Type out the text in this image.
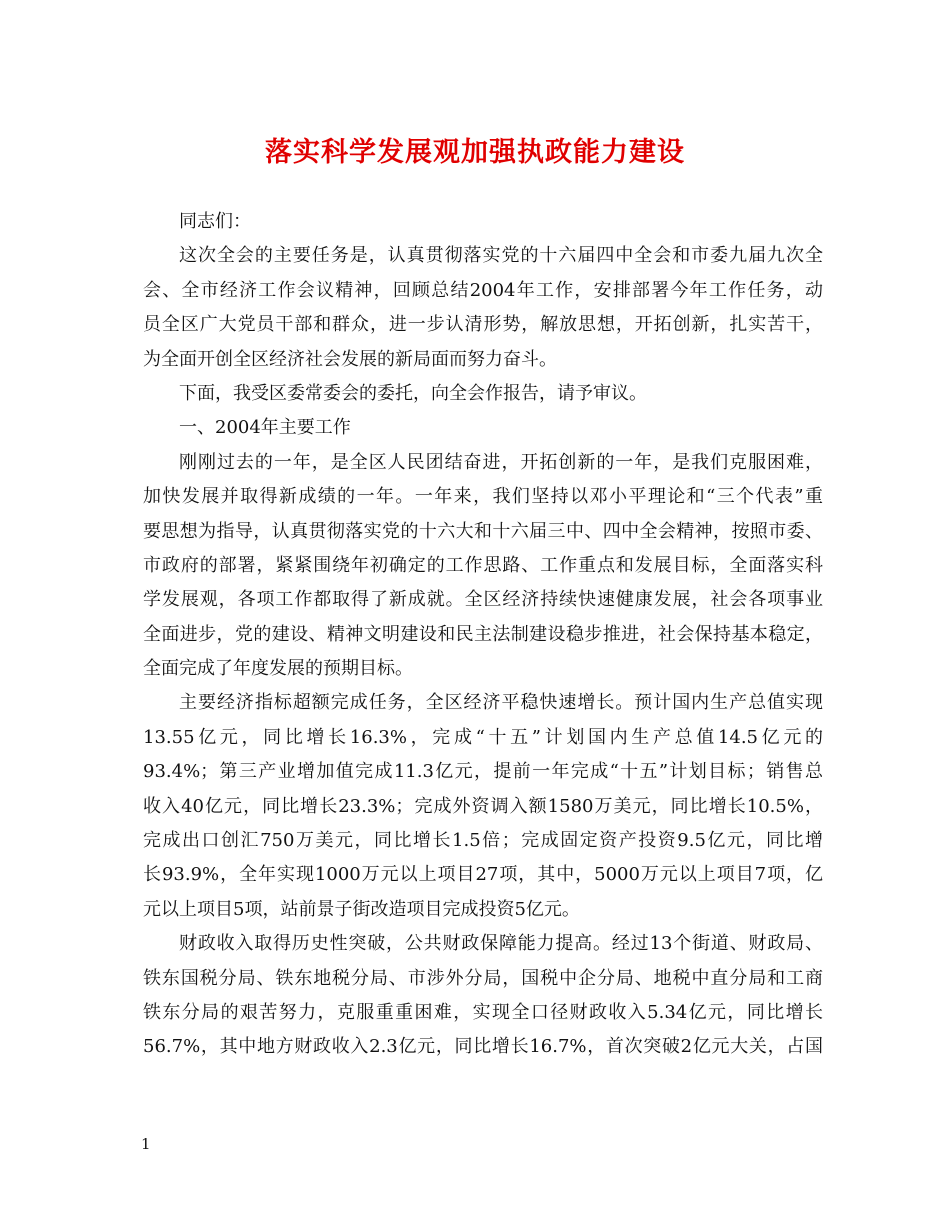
落实科学发展观加强执政能力建设
同志们：
这次全会的主要任务是，认真贯彻落实党的十六届四中全会和市委九届九次全
会、全市经济工作会议精神，回顾总结2004年工作，安排部署今年工作任务，动
员全区广大党员干部和群众，进一步认清形势，解放思想，开拓创新，扎实苦干，
为全面开创全区经济社会发展的新局面而努力奋斗。
下面，我受区委常委会的委托，向全会作报告，请予审议。
一、2004年主要工作
刚刚过去的一年，是全区人民团结奋进，开拓创新的一年，是我们克服困难，
加快发展并取得新成绩的一年。一年来，我们坚持以邓小平理论和“三个代表”重
要思想为指导，认真贯彻落实党的十六大和十六届三中、四中全会精神，按照市委、
市政府的部署，紧紧围绕年初确定的工作思路、工作重点和发展目标，全面落实科
学发展观，各项工作都取得了新成就。全区经济持续快速健康发展，社会各项事业
全面进步，党的建设、精神文明建设和民主法制建设稳步推进，社会保持基本稳定，
全面完成了年度发展的预期目标。
主要经济指标超额完成任务，全区经济平稳快速增长。预计国内生产总值实现
13.55亿元，同比增长16.3%，完成“十五”计划国内生产总值14.5亿元的
93.4%；第三产业增加值完成11.3亿元，提前一年完成“十五”计划目标；销售总
收入40亿元，同比增长23.3%；完成外资调入额1580万美元，同比增长10.5%，
完成出口创汇750万美元，同比增长1.5倍；完成固定资产投资9.5亿元，同比增
长93.9%，全年实现1000万元以上项目27项，其中，5000万元以上项目7项，亿
元以上项目5项，站前景子街改造项目完成投资5亿元。
财政收入取得历史性突破，公共财政保障能力提高。经过13个街道、财政局、
铁东国税分局、铁东地税分局、市涉外分局，国税中企分局、地税中直分局和工商
铁东分局的艰苦努力，克服重重困难，实现全口径财政收入5.34亿元，同比增长
56.7%，其中地方财政收入2.3亿元，同比增长16.7%，首次突破2亿元大关，占国
1
